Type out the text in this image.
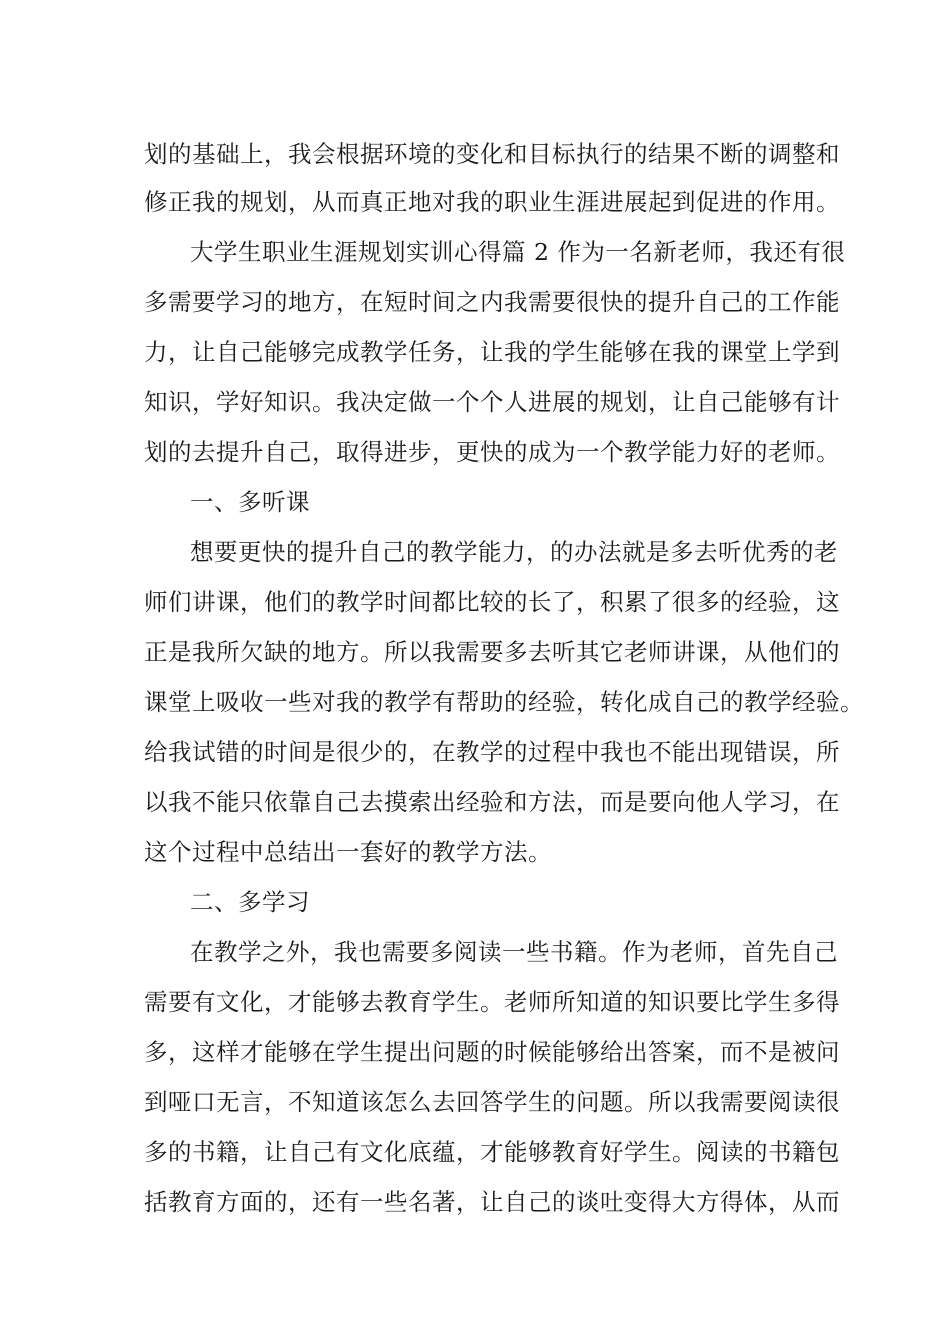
划的基础上，我会根据环境的变化和目标执行的结果不断的调整和
修正我的规划，从而真正地对我的职业生涯进展起到促进的作用。
大学生职业生涯规划实训心得篇 2 作为一名新老师，我还有很
多需要学习的地方，在短时间之内我需要很快的提升自己的工作能
力，让自己能够完成教学任务，让我的学生能够在我的课堂上学到
知识，学好知识。我决定做一个个人进展的规划，让自己能够有计
划的去提升自己，取得进步，更快的成为一个教学能力好的老师。
一、多听课
想要更快的提升自己的教学能力，的办法就是多去听优秀的老
师们讲课，他们的教学时间都比较的长了，积累了很多的经验，这
正是我所欠缺的地方。所以我需要多去听其它老师讲课，从他们的
课堂上吸收一些对我的教学有帮助的经验，转化成自己的教学经验。
给我试错的时间是很少的，在教学的过程中我也不能出现错误，所
以我不能只依靠自己去摸索出经验和方法，而是要向他人学习，在
这个过程中总结出一套好的教学方法。
二、多学习
在教学之外，我也需要多阅读一些书籍。作为老师，首先自己
需要有文化，才能够去教育学生。老师所知道的知识要比学生多得
多，这样才能够在学生提出问题的时候能够给出答案，而不是被问
到哑口无言，不知道该怎么去回答学生的问题。所以我需要阅读很
多的书籍，让自己有文化底蕴，才能够教育好学生。阅读的书籍包
括教育方面的，还有一些名著，让自己的谈吐变得大方得体，从而
